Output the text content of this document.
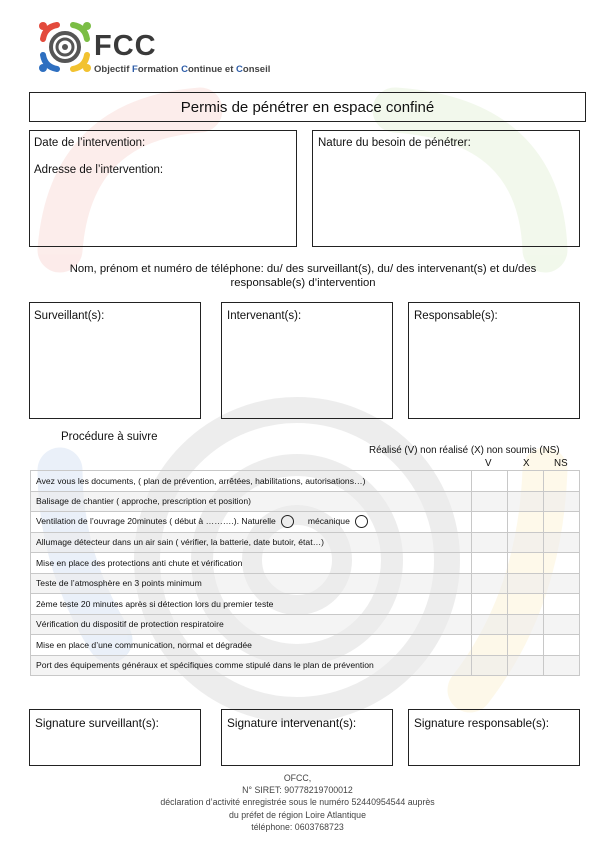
FCC
Objectif Formation Continue et Conseil
Permis de pénétrer en espace confiné
Date de l’intervention:
Adresse de l’intervention:
Nature du besoin de pénétrer:
Nom, prénom et numéro de téléphone: du/ des surveillant(s), du/ des intervenant(s) et du/des responsable(s) d’intervention
Surveillant(s):	Intervenant(s):	Responsable(s):
Procédure à suivre
Réalisé (V) non réalisé (X) non soumis (NS)
V	X NS
Avez vous les documents, ( plan de prévention, arrêtées, habilitations, autorisations…)			
Balisage de chantier ( approche, prescription et position)			
Ventilation de l’ouvrage 20minutes ( début à ……….). Naturelle mécanique			
Allumage détecteur dans un air sain ( vérifier, la batterie, date butoir, état…)			
Mise en place des protections anti chute et vérification			
Teste de l’atmosphère en 3 points minimum			
2ème teste 20 minutes après si détection lors du premier teste			
Vérification du dispositif de protection respiratoire			
Mise en place d’une communication, normal et dégradée			
Port des équipements généraux et spécifiques comme stipulé dans le plan de prévention			
Signature surveillant(s):	Signature intervenant(s):	Signature responsable(s):
OFCC,
N° SIRET: 90778219700012
déclaration d’activité enregistrée sous le numéro 52440954544 auprès
du préfet de région Loire Atlantique
téléphone: 0603768723
